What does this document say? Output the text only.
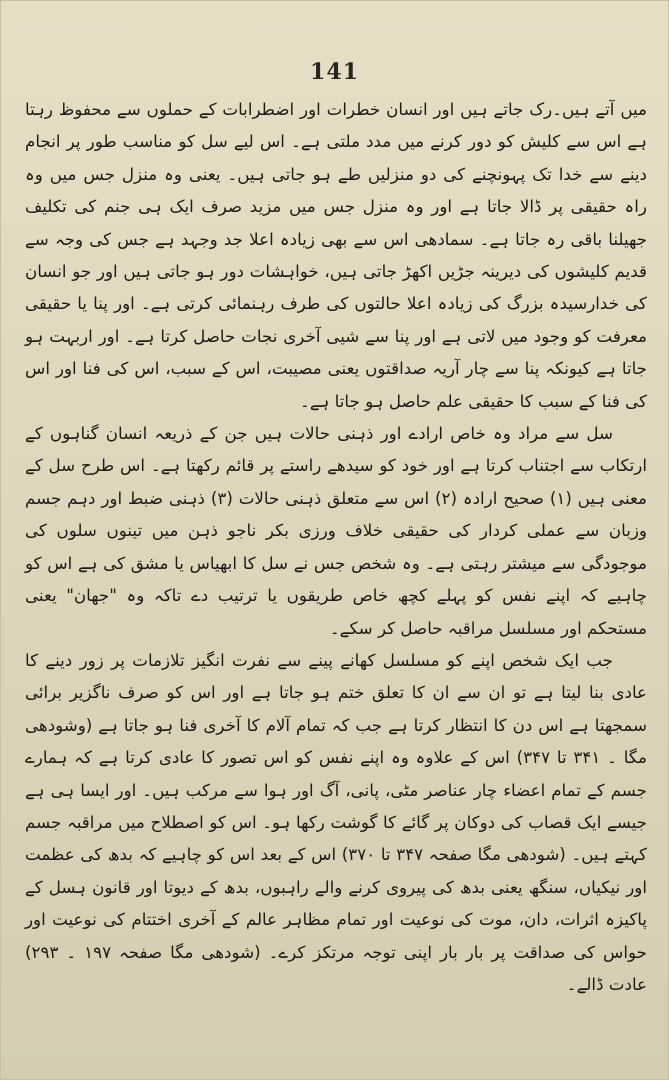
141

میں آتے ہیں۔رک جاتے ہیں اور انسان خطرات اور اضطرابات کے حملوں سے محفوظ رہتا ہے اس سے کلیش کو دور کرنے میں مدد ملتی ہے۔ اس لیے سل کو مناسب طور پر انجام دینے سے خدا تک پہونچنے کی دو منزلیں طے ہو جاتی ہیں۔ یعنی وہ منزل جس میں وہ راہ حقیقی پر ڈالا جاتا ہے اور وہ منزل جس میں مزید صرف ایک ہی جنم کی تکلیف جھیلنا باقی رہ جاتا ہے۔ سمادھی اس سے بھی زیادہ اعلا جد وجہد ہے جس کی وجہ سے قدیم کلیشوں کی دیرینہ جڑیں اکھڑ جاتی ہیں، خواہشات دور ہو جاتی ہیں اور جو انسان کی خدارسیدہ بزرگ کی زیادہ اعلا حالتوں کی طرف رہنمائی کرتی ہے۔ اور پنا یا حقیقی معرفت کو وجود میں لاتی ہے اور پنا سے شیی آخری نجات حاصل کرتا ہے۔ اور اربہت ہو جاتا ہے کیونکہ پنا سے چار آریہ صداقتوں یعنی مصیبت، اس کے سبب، اس کی فنا اور اس کی فنا کے سبب کا حقیقی علم حاصل ہو جاتا ہے۔

سل سے مراد وہ خاص ارادے اور ذہنی حالات ہیں جن کے ذریعہ انسان گناہوں کے ارتکاب سے اجتناب کرتا ہے اور خود کو سیدھے راستے پر قائم رکھتا ہے۔ اس طرح سل کے معنی ہیں (۱) صحیح ارادہ (۲) اس سے متعلق ذہنی حالات (۳) ذہنی ضبط اور دہم جسم وزبان سے عملی کردار کی حقیقی خلاف ورزی بکر ناجو ذہن میں تینوں سلوں کی موجودگی سے میشتر رہتی ہے۔ وہ شخص جس نے سل کا ابھیاس یا مشق کی ہے اس کو چاہیے کہ اپنے نفس کو پہلے کچھ خاص طریقوں یا ترتیب دے تاکہ وہ "جھان" یعنی مستحکم اور مسلسل مراقبہ حاصل کر سکے۔

جب ایک شخص اپنے کو مسلسل کھانے پینے سے نفرت انگیز تلازمات پر زور دینے کا عادی بنا لیتا ہے تو ان سے ان کا تعلق ختم ہو جاتا ہے اور اس کو صرف ناگزیر برائی سمجھتا ہے اس دن کا انتظار کرتا ہے جب کہ تمام آلام کا آخری فنا ہو جاتا ہے (وشودھی مگا ۔ ۳۴۱ تا ۳۴۷) اس کے علاوہ وہ اپنے نفس کو اس تصور کا عادی کرتا ہے کہ ہمارے جسم کے تمام اعضاء چار عناصر مٹی، پانی، آگ اور ہوا سے مرکب ہیں۔ اور ایسا ہی ہے جیسے ایک قصاب کی دوکان پر گائے کا گوشت رکھا ہو۔ اس کو اصطلاح میں مراقبہ جسم کہتے ہیں۔ (شودھی مگا صفحہ ۳۴۷ تا ۳۷۰) اس کے بعد اس کو چاہیے کہ بدھ کی عظمت اور نیکیاں، سنگھ یعنی بدھ کی پیروی کرنے والے راہبوں، بدھ کے دیوتا اور قانون ہسل کے پاکیزہ اثرات، دان، موت کی نوعیت اور تمام مظاہر عالم کے آخری اختتام کی نوعیت اور حواس کی صداقت پر بار بار اپنی توجہ مرتکز کرے۔ (شودھی مگا صفحہ ۱۹۷ ۔ ۲۹۳) عادت ڈالے۔
